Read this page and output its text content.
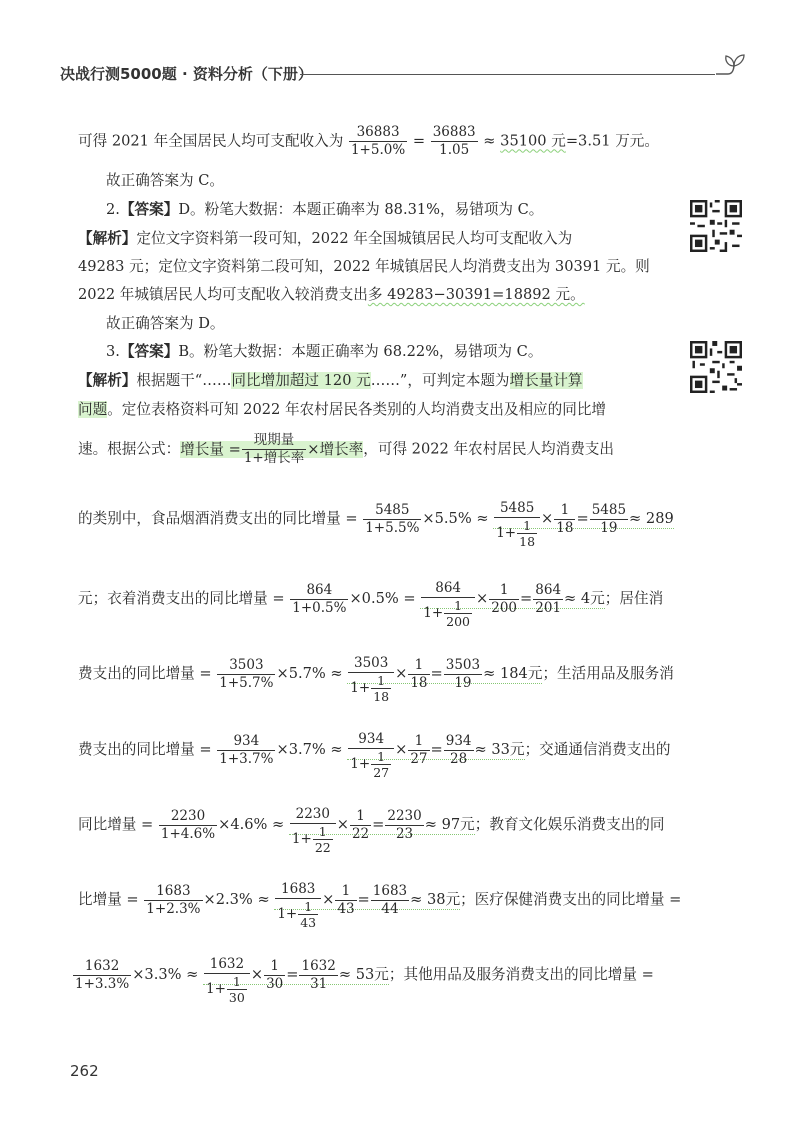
决战行测5000题 · 资料分析（下册）
可得 2021 年全国居民人均可支配收入为 $\frac{36883}{1+5.0\%} = \frac{36883}{1.05} \approx 35100$ 元=3.51 万元。
故正确答案为 C。
2.【答案】D。粉笔大数据：本题正确率为 88.31%，易错项为 C。
【解析】定位文字资料第一段可知，2022 年全国城镇居民人均可支配收入为
49283 元；定位文字资料第二段可知，2022 年城镇居民人均消费支出为 30391 元。则
2022 年城镇居民人均可支配收入较消费支出多 49283−30391=18892 元。
故正确答案为 D。
3.【答案】B。粉笔大数据：本题正确率为 68.22%，易错项为 C。
【解析】根据题干“……同比增加超过 120 元……”，可判定本题为增长量计算
问题。定位表格资料可知 2022 年农村居民各类别的人均消费支出及相应的同比增
速。根据公式：增长量 =
现期量
1+增长率
×增长率，可得 2022 年农村居民人均消费支出
的类别中，食品烟酒消费支出的同比增量 = $\frac{5485}{1+5.5\%} \times 5.5\% \approx \frac{5485}{1+ \frac{1}{18}} \times \frac{1}{18} = \frac{5485}{19} \approx 289$
元；衣着消费支出的同比增量 = $\frac{864}{1+0.5\%} \times 0.5\% = \frac{864}{1+ \frac{1}{200}} \times \frac{1}{200} = \frac{864}{201} \approx 4$元；居住消
费支出的同比增量 = $\frac{3503}{1+5.7\%} \times 5.7\% \approx \frac{3503}{1+ \frac{1}{18}} \times \frac{1}{18} = \frac{3503}{19} \approx 184$元；生活用品及服务消
费支出的同比增量 = $\frac{934}{1+3.7\%} \times 3.7\% \approx \frac{934}{1+ \frac{1}{27}} \times \frac{1}{27} = \frac{934}{28} \approx 33$元；交通通信消费支出的
同比增量 = $\frac{2230}{1+4.6\%} \times 4.6\% \approx \frac{2230}{1+ \frac{1}{22}} \times \frac{1}{22} = \frac{2230}{23} \approx 97$元；教育文化娱乐消费支出的同
比增量 = $\frac{1683}{1+2.3\%} \times 2.3\% \approx \frac{1683}{1+ \frac{1}{43}} \times \frac{1}{43} = \frac{1683}{44} \approx 38$元；医疗保健消费支出的同比增量 =
$\frac{1632}{1+3.3\%} \times 3.3\% \approx \frac{1632}{1+ \frac{1}{30}} \times \frac{1}{30} = \frac{1632}{31} \approx 53$元；其他用品及服务消费支出的同比增量 =
262
